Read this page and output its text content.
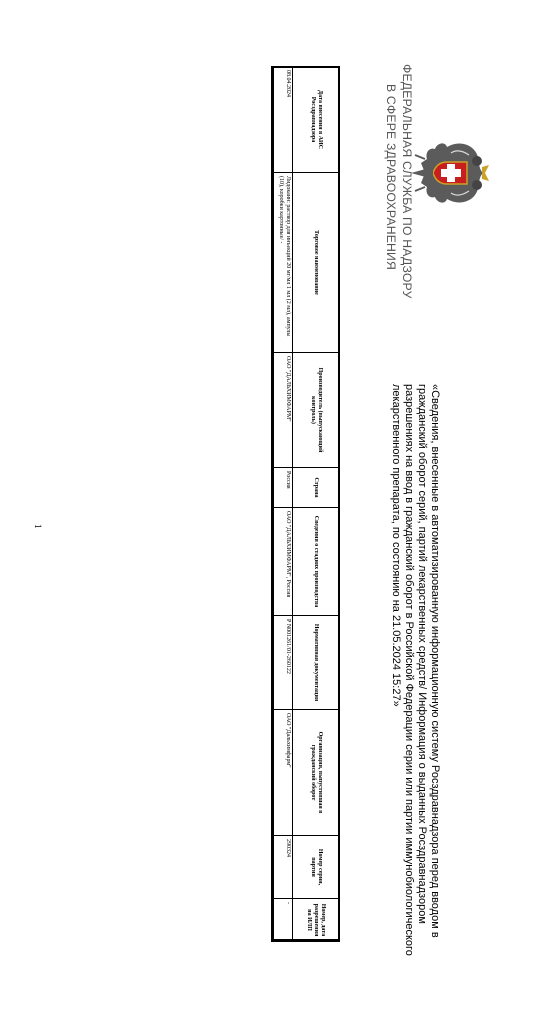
ФЕДЕРАЛЬНАЯ СЛУЖБА ПО НАДЗОРУ
В СФЕРЕ ЗДРАВООХРАНЕНИЯ
«Сведения, внесенные в автоматизированную информационную систему Росздравнадзора перед вводом в гражданский оборот серий, партий лекарственных средств/ Информация о выданных Росздравнадзором разрешениях на ввод в гражданский оборот в Российской Федерации серии или партии иммунобиологического лекарственного препарата, по состоянию на 21.05.2024 15:27»
Дата внесения в АИС Росздравнадзора	Торговое наименование	Производитель (выпускающий контроль)	Страна	Сведения о стадиях производства	Нормативная документация	Организация, выпустившая в гражданский оборот	Номер серии, партии	Номер, дата разрешения на ИЛП
08.04.2024	Лидокаин: раствор для инъекций 20 мг/мл 1 мл (2 мл), ампулы (10), коробки картонные/ -	ОАО "ДАЛЬХИМФАРМ"	Россия	ОАО "ДАЛЬХИМФАРМ", Россия	Р N001261/01-260122	ОАО "Дальхимфарм"	290324	-
1
